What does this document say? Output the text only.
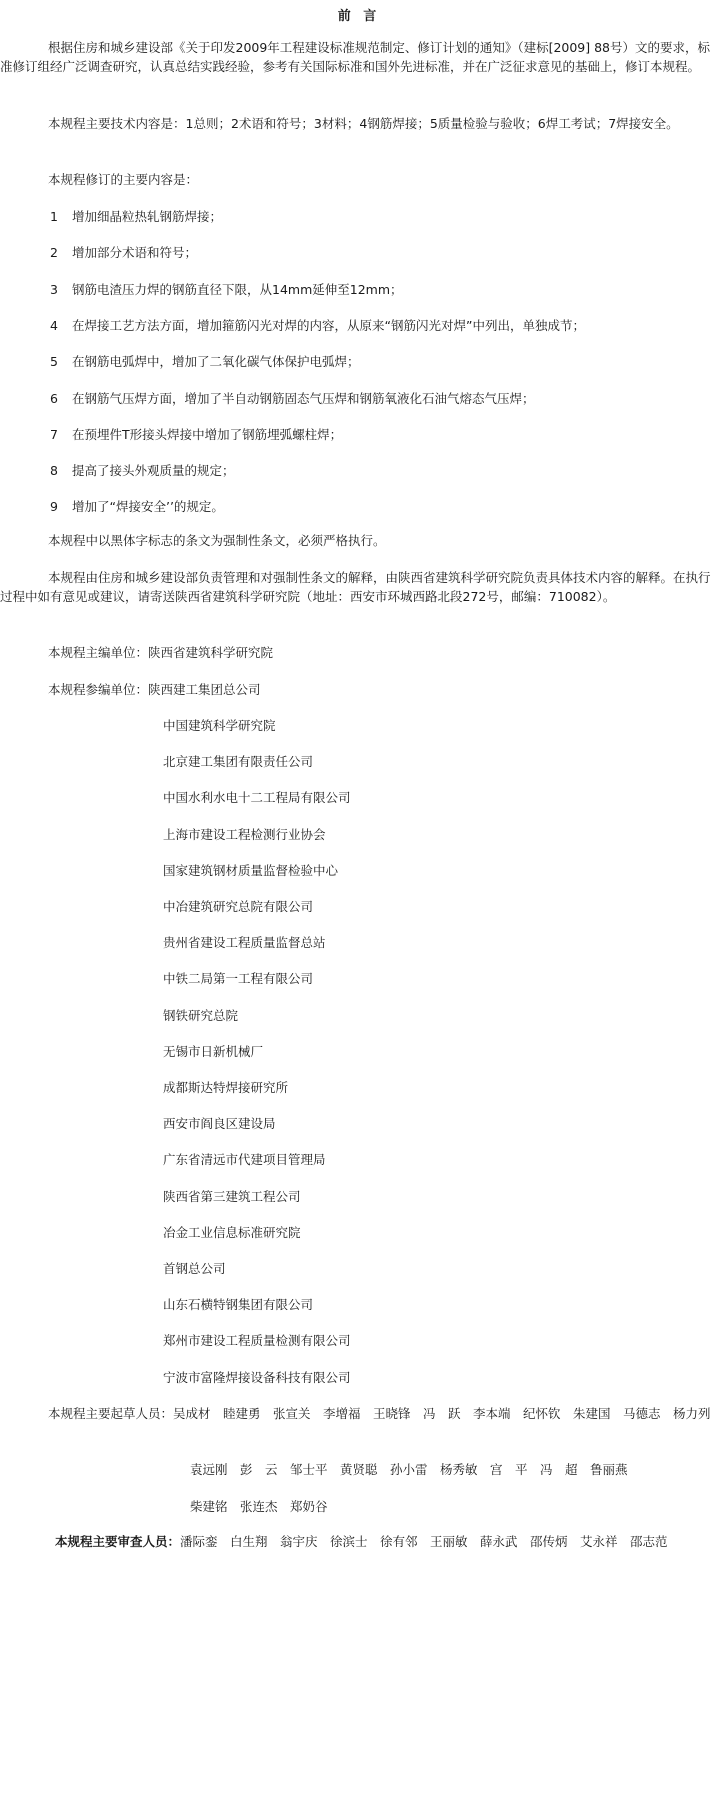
前 言

根据住房和城乡建设部《关于印发2009年工程建设标准规范制定、修订计划的通知》（建标[2009] 88号）文的要求，标准修订组经广泛调查研究，认真总结实践经验，参考有关国际标准和国外先进标准，并在广泛征求意见的基础上，修订本规程。

本规程主要技术内容是：1总则；2术语和符号；3材料；4钢筋焊接；5质量检验与验收；6焊工考试；7焊接安全。

本规程修订的主要内容是：
1 增加细晶粒热轧钢筋焊接；
2 增加部分术语和符号；
3 钢筋电渣压力焊的钢筋直径下限，从14mm延伸至12mm；
4 在焊接工艺方法方面，增加箍筋闪光对焊的内容，从原来“钢筋闪光对焊”中列出，单独成节；
5 在钢筋电弧焊中，增加了二氧化碳气体保护电弧焊；
6 在钢筋气压焊方面，增加了半自动钢筋固态气压焊和钢筋氧液化石油气熔态气压焊；
7 在预埋件T形接头焊接中增加了钢筋埋弧螺柱焊；
8 提高了接头外观质量的规定；
9 增加了“焊接安全’’的规定。
本规程中以黑体字标志的条文为强制性条文，必须严格执行。

本规程由住房和城乡建设部负责管理和对强制性条文的解释，由陕西省建筑科学研究院负责具体技术内容的解释。在执行过程中如有意见或建议，请寄送陕西省建筑科学研究院（地址：西安市环城西路北段272号，邮编：710082）。

本规程主编单位：陕西省建筑科学研究院
本规程参编单位：陕西建工集团总公司
中国建筑科学研究院
北京建工集团有限责任公司
中国水利水电十二工程局有限公司
上海市建设工程检测行业协会
国家建筑钢材质量监督检验中心
中冶建筑研究总院有限公司
贵州省建设工程质量监督总站
中铁二局第一工程有限公司
钢铁研究总院
无锡市日新机械厂
成都斯达特焊接研究所
西安市阎良区建设局
广东省清远市代建项目管理局
陕西省第三建筑工程公司
冶金工业信息标准研究院
首钢总公司
山东石横特钢集团有限公司
郑州市建设工程质量检测有限公司
宁波市富隆焊接设备科技有限公司

本规程主要起草人员：吴成材　睦建勇　张宣关　李增福　王晓锋　冯　跃　李本端　纪怀钦　朱建国　马德志　杨力列

袁远刚　彭　云　邹士平　黄贤聪　孙小雷　杨秀敏　宫　平　冯　超　鲁丽燕
柴建铭　张连杰　郑奶谷

本规程主要审查人员：潘际銮　白生翔　翁宇庆　徐滨士　徐有邻　王丽敏　薛永武　邵传炳　艾永祥　邵志范
